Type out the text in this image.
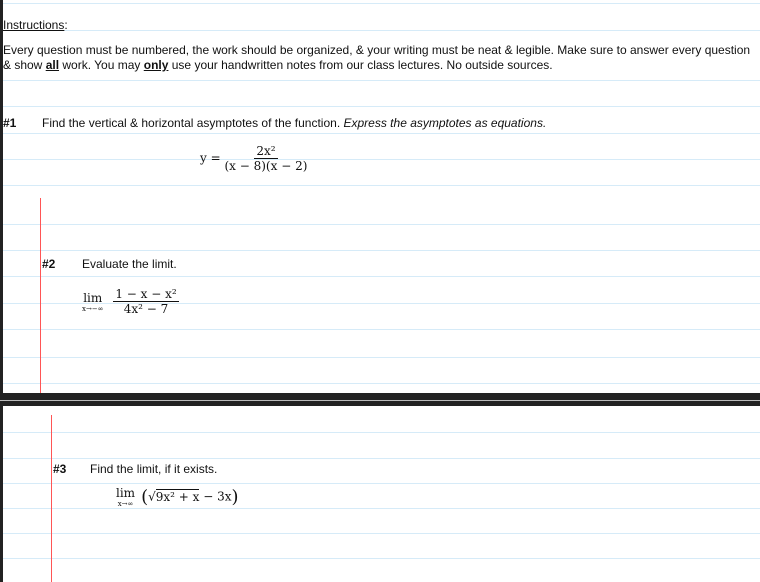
Instructions:
Every question must be numbered, the work should be organized, & your writing must be neat & legible. Make sure to answer every question
& show all work. You may only use your handwritten notes from our class lectures. No outside sources.
#1 Find the vertical & horizontal asymptotes of the function. Express the asymptotes as equations.
$y = \frac{\text{2x²}}{(x - 8)(x - 2)}$
#2 Evaluate the limit.
lim
x→−∞
$\frac{\text{1 − x − x²}}{\text{4x² − 7}}$
#3 Find the limit, if it exists.
lim
x→∞ (√9x² + x − 3x)
